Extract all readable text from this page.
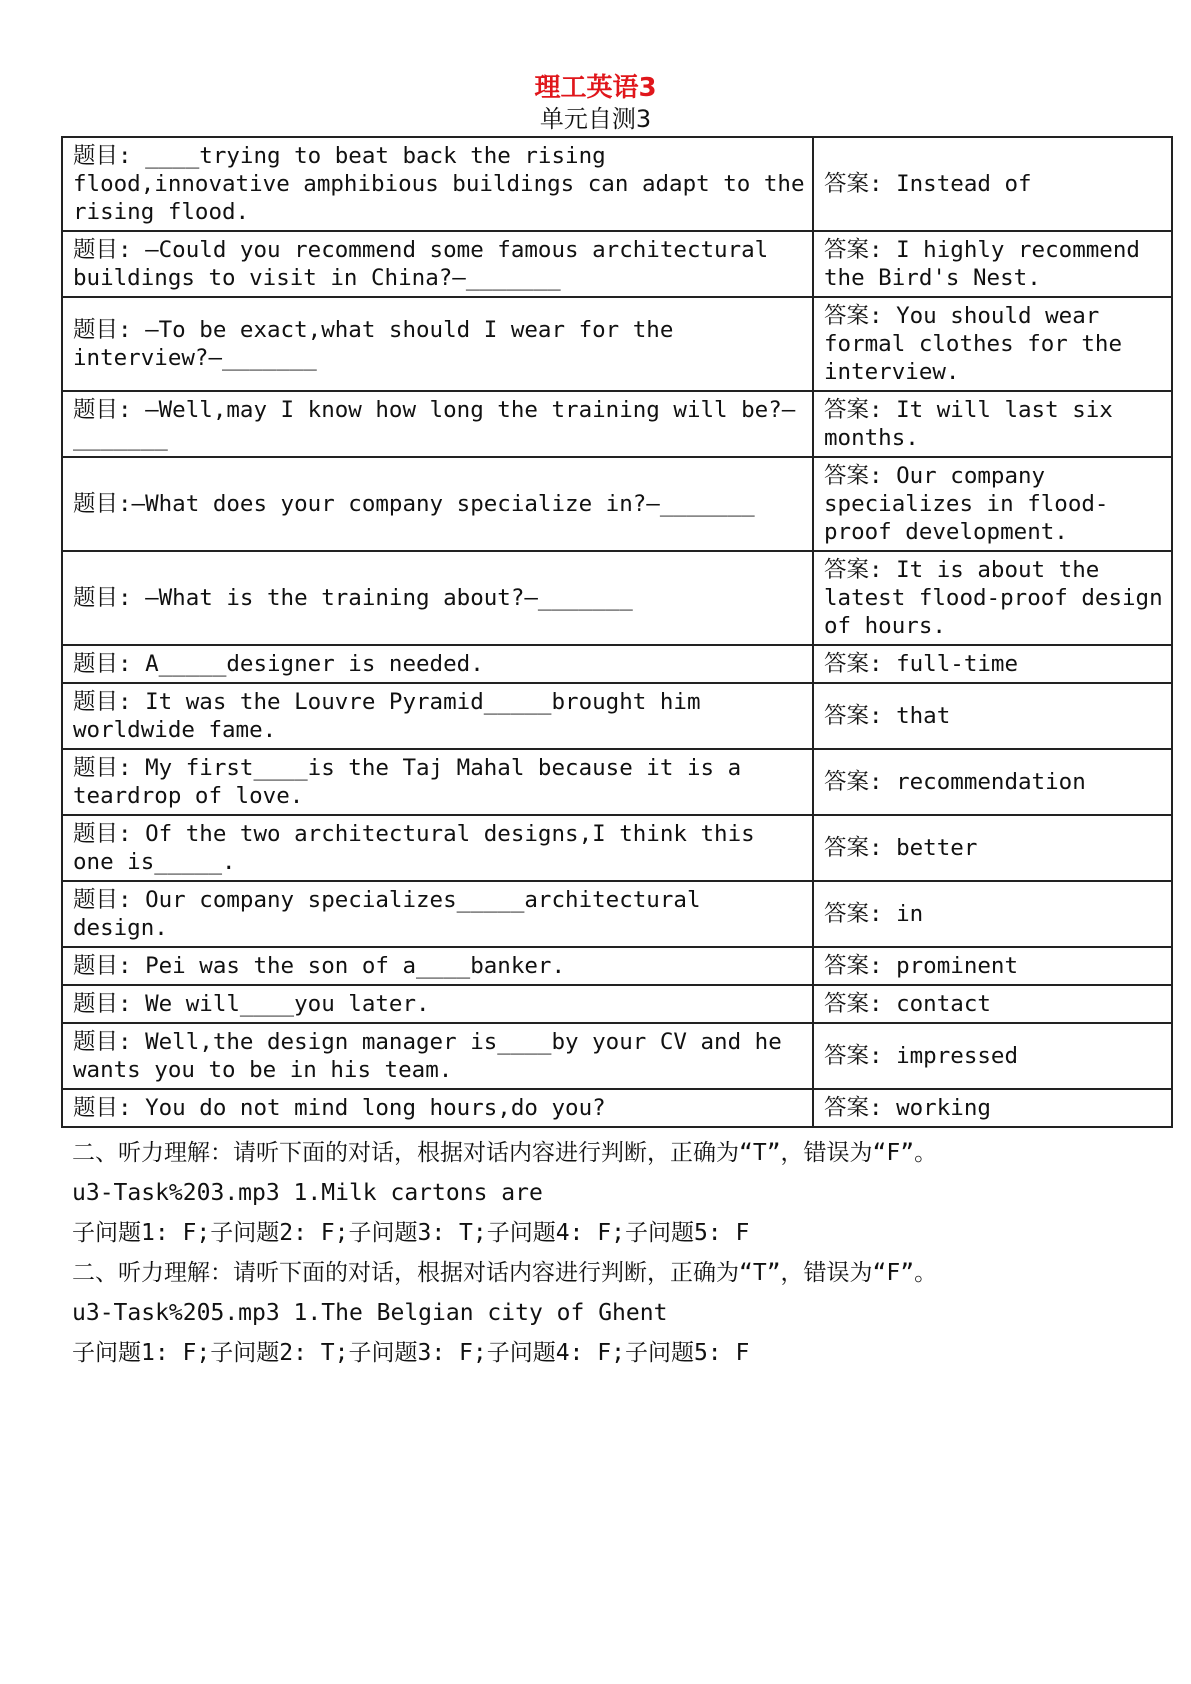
理工英语3
单元自测3
题目: ____trying to beat back the rising flood,innovative amphibious buildings can adapt to the rising flood.	答案: Instead of
题目: —Could you recommend some famous architectural buildings to visit in China?—_______	答案: I highly recommend the Bird's Nest.
题目: —To be exact,what should I wear for the interview?—_______	答案: You should wear formal clothes for the interview.
题目: —Well,may I know how long the training will be?—_______	答案: It will last six months.
题目:—What does your company specialize in?—_______	答案: Our company specializes in flood-proof development.
题目: —What is the training about?—_______	答案: It is about the latest flood-proof design of hours.
题目: A_____designer is needed.	答案: full-time
题目: It was the Louvre Pyramid_____brought him worldwide fame.	答案: that
题目: My first____is the Taj Mahal because it is a teardrop of love.	答案: recommendation
题目: Of the two architectural designs,I think this one is_____.	答案: better
题目: Our company specializes_____architectural design.	答案: in
题目: Pei was the son of a____banker.	答案: prominent
题目: We will____you later.	答案: contact
题目: Well,the design manager is____by your CV and he wants you to be in his team.	答案: impressed
题目: You do not mind long hours,do you?	答案: working
二、听力理解：请听下面的对话，根据对话内容进行判断，正确为“T”，错误为“F”。
u3-Task%203.mp3 1.Milk cartons are
子问题1: F;子问题2: F;子问题3: T;子问题4: F;子问题5: F
二、听力理解：请听下面的对话，根据对话内容进行判断，正确为“T”，错误为“F”。
u3-Task%205.mp3 1.The Belgian city of Ghent
子问题1: F;子问题2: T;子问题3: F;子问题4: F;子问题5: F
